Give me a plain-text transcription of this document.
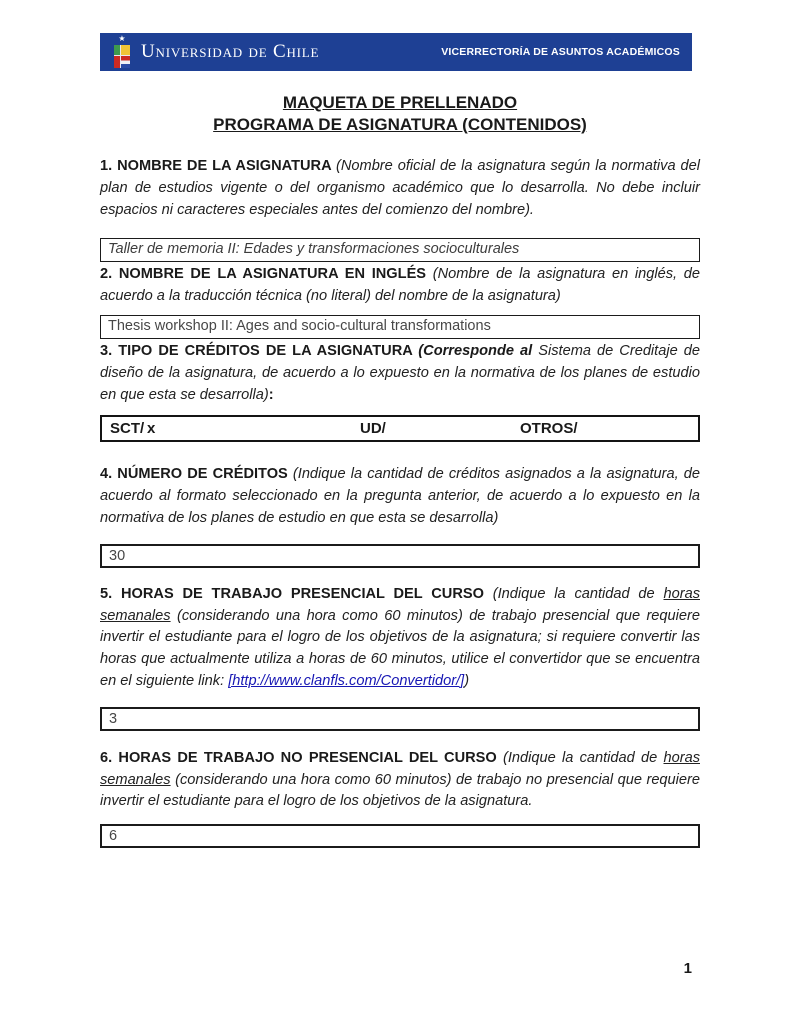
★
Universidad de Chile	VICERRECTORÍA DE ASUNTOS ACADÉMICOS
MAQUETA DE PRELLENADO
PROGRAMA DE ASIGNATURA (CONTENIDOS)

1. NOMBRE DE LA ASIGNATURA (Nombre oficial de la asignatura según la normativa del plan de estudios vigente o del organismo académico que lo desarrolla. No debe incluir espacios ni caracteres especiales antes del comienzo del nombre).

Taller de memoria II: Edades y transformaciones socioculturales

2. NOMBRE DE LA ASIGNATURA EN INGLÉS (Nombre de la asignatura en inglés, de acuerdo a la traducción técnica (no literal) del nombre de la asignatura)

Thesis workshop II: Ages and socio-cultural transformations

3. TIPO DE CRÉDITOS DE LA ASIGNATURA (Corresponde al Sistema de Creditaje de diseño de la asignatura, de acuerdo a lo expuesto en la normativa de los planes de estudio en que esta se desarrolla):

SCT/ x	UD/	OTROS/

4. NÚMERO DE CRÉDITOS (Indique la cantidad de créditos asignados a la asignatura, de acuerdo al formato seleccionado en la pregunta anterior, de acuerdo a lo expuesto en la normativa de los planes de estudio en que esta se desarrolla)

30

5. HORAS DE TRABAJO PRESENCIAL DEL CURSO (Indique la cantidad de horas semanales (considerando una hora como 60 minutos) de trabajo presencial que requiere invertir el estudiante para el logro de los objetivos de la asignatura; si requiere convertir las horas que actualmente utiliza a horas de 60 minutos, utilice el convertidor que se encuentra en el siguiente link: [http://www.clanfls.com/Convertidor/])

3

6. HORAS DE TRABAJO NO PRESENCIAL DEL CURSO (Indique la cantidad de horas semanales (considerando una hora como 60 minutos) de trabajo no presencial que requiere invertir el estudiante para el logro de los objetivos de la asignatura.

6
1
